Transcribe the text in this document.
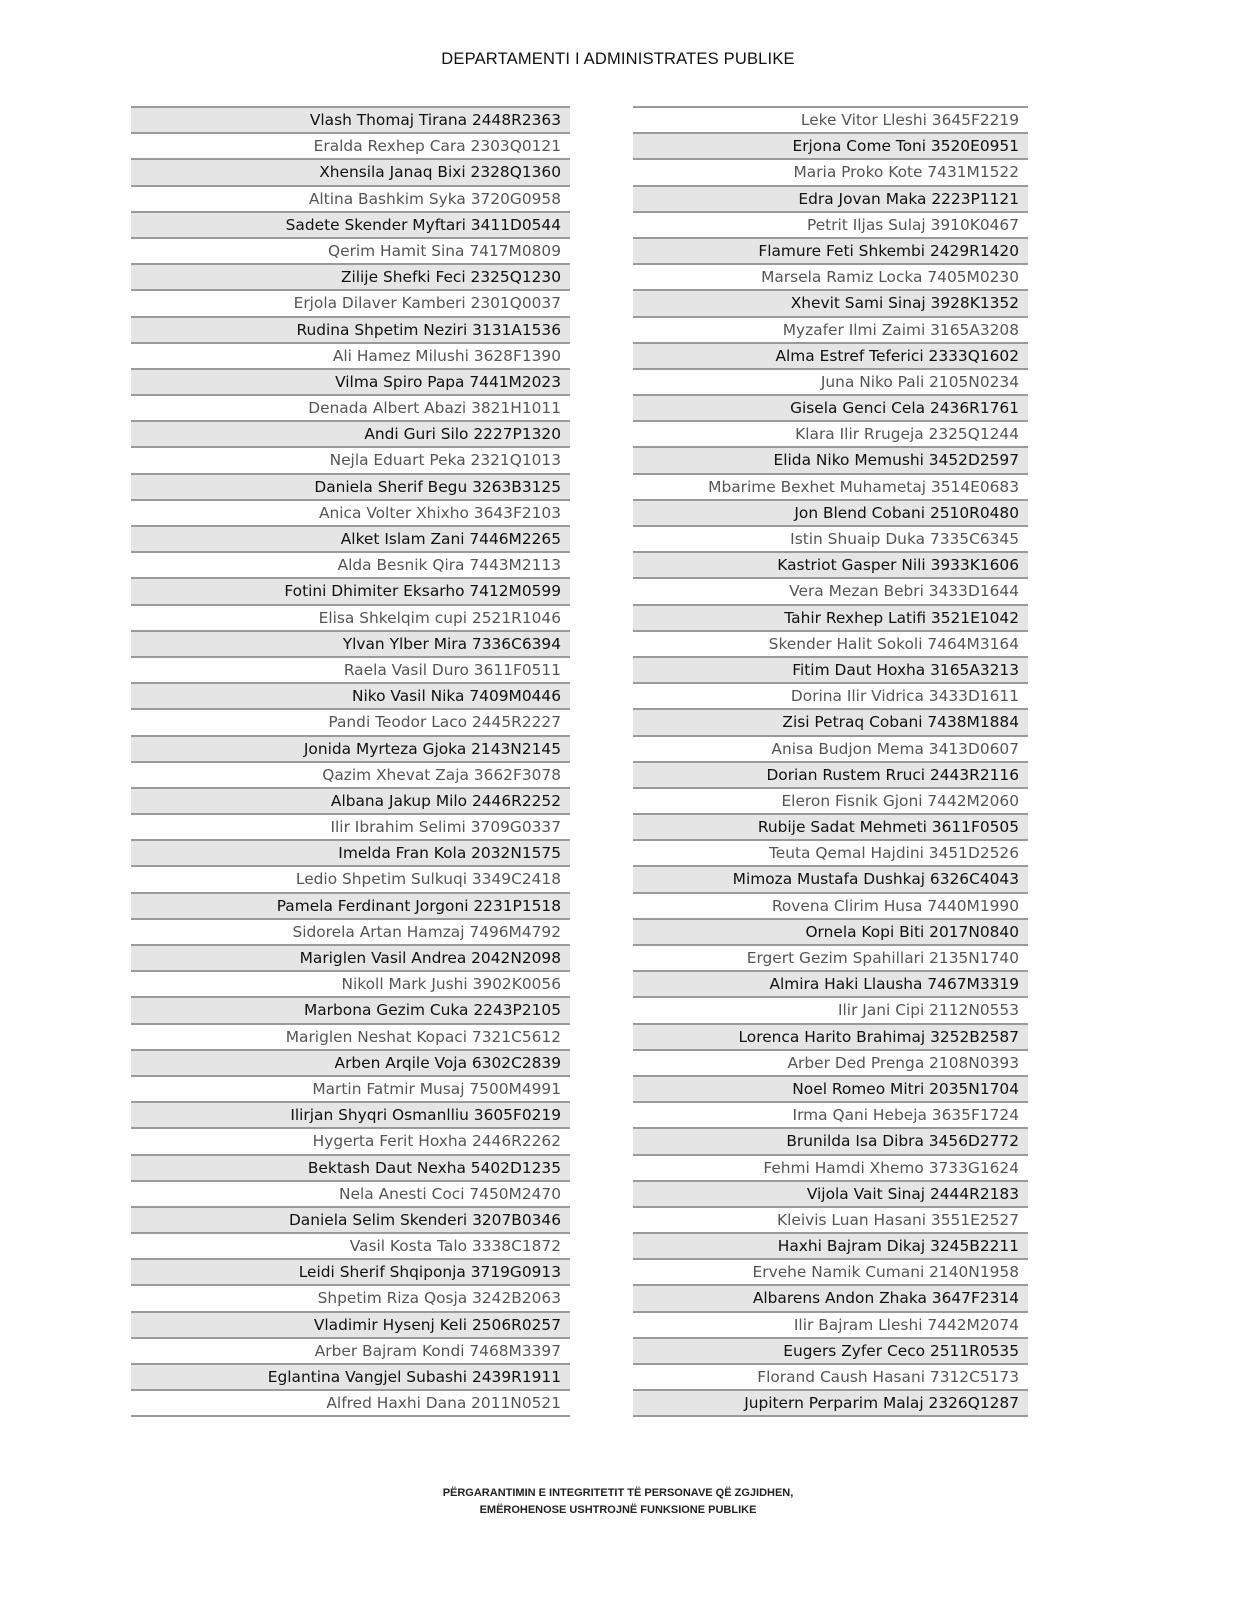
DEPARTAMENTI I ADMINISTRATES PUBLIKE
Vlash Thomaj Tirana 2448R2363
Eralda Rexhep Cara 2303Q0121
Xhensila Janaq Bixi 2328Q1360
Altina Bashkim Syka 3720G0958
Sadete Skender Myftari 3411D0544
Qerim Hamit Sina 7417M0809
Zilije Shefki Feci 2325Q1230
Erjola Dilaver Kamberi 2301Q0037
Rudina Shpetim Neziri 3131A1536
Ali Hamez Milushi 3628F1390
Vilma Spiro Papa 7441M2023
Denada Albert Abazi 3821H1011
Andi Guri Silo 2227P1320
Nejla Eduart Peka 2321Q1013
Daniela Sherif Begu 3263B3125
Anica Volter Xhixho 3643F2103
Alket Islam Zani 7446M2265
Alda Besnik Qira 7443M2113
Fotini Dhimiter Eksarho 7412M0599
Elisa Shkelqim cupi 2521R1046
Ylvan Ylber Mira 7336C6394
Raela Vasil Duro 3611F0511
Niko Vasil Nika 7409M0446
Pandi Teodor Laco 2445R2227
Jonida Myrteza Gjoka 2143N2145
Qazim Xhevat Zaja 3662F3078
Albana Jakup Milo 2446R2252
Ilir Ibrahim Selimi 3709G0337
Imelda Fran Kola 2032N1575
Ledio Shpetim Sulkuqi 3349C2418
Pamela Ferdinant Jorgoni 2231P1518
Sidorela Artan Hamzaj 7496M4792
Mariglen Vasil Andrea 2042N2098
Nikoll Mark Jushi 3902K0056
Marbona Gezim Cuka 2243P2105
Mariglen Neshat Kopaci 7321C5612
Arben Arqile Voja 6302C2839
Martin Fatmir Musaj 7500M4991
Ilirjan Shyqri Osmanlliu 3605F0219
Hygerta Ferit Hoxha 2446R2262
Bektash Daut Nexha 5402D1235
Nela Anesti Coci 7450M2470
Daniela Selim Skenderi 3207B0346
Vasil Kosta Talo 3338C1872
Leidi Sherif Shqiponja 3719G0913
Shpetim Riza Qosja 3242B2063
Vladimir Hysenj Keli 2506R0257
Arber Bajram Kondi 7468M3397
Eglantina Vangjel Subashi 2439R1911
Alfred Haxhi Dana 2011N0521
Leke Vitor Lleshi 3645F2219
Erjona Come Toni 3520E0951
Maria Proko Kote 7431M1522
Edra Jovan Maka 2223P1121
Petrit Iljas Sulaj 3910K0467
Flamure Feti Shkembi 2429R1420
Marsela Ramiz Locka 7405M0230
Xhevit Sami Sinaj 3928K1352
Myzafer Ilmi Zaimi 3165A3208
Alma Estref Teferici 2333Q1602
Juna Niko Pali 2105N0234
Gisela Genci Cela 2436R1761
Klara Ilir Rrugeja 2325Q1244
Elida Niko Memushi 3452D2597
Mbarime Bexhet Muhametaj 3514E0683
Jon Blend Cobani 2510R0480
Istin Shuaip Duka 7335C6345
Kastriot Gasper Nili 3933K1606
Vera Mezan Bebri 3433D1644
Tahir Rexhep Latifi 3521E1042
Skender Halit Sokoli 7464M3164
Fitim Daut Hoxha 3165A3213
Dorina Ilir Vidrica 3433D1611
Zisi Petraq Cobani 7438M1884
Anisa Budjon Mema 3413D0607
Dorian Rustem Rruci 2443R2116
Eleron Fisnik Gjoni 7442M2060
Rubije Sadat Mehmeti 3611F0505
Teuta Qemal Hajdini 3451D2526
Mimoza Mustafa Dushkaj 6326C4043
Rovena Clirim Husa 7440M1990
Ornela Kopi Biti 2017N0840
Ergert Gezim Spahillari 2135N1740
Almira Haki Llausha 7467M3319
Ilir Jani Cipi 2112N0553
Lorenca Harito Brahimaj 3252B2587
Arber Ded Prenga 2108N0393
Noel Romeo Mitri 2035N1704
Irma Qani Hebeja 3635F1724
Brunilda Isa Dibra 3456D2772
Fehmi Hamdi Xhemo 3733G1624
Vijola Vait Sinaj 2444R2183
Kleivis Luan Hasani 3551E2527
Haxhi Bajram Dikaj 3245B2211
Ervehe Namik Cumani 2140N1958
Albarens Andon Zhaka 3647F2314
Ilir Bajram Lleshi 7442M2074
Eugers Zyfer Ceco 2511R0535
Florand Caush Hasani 7312C5173
Jupitern Perparim Malaj 2326Q1287
PËRGARANTIMIN E INTEGRITETIT TË PERSONAVE QË ZGJIDHEN,
EMËROHENOSE USHTROJNË FUNKSIONE PUBLIKE
